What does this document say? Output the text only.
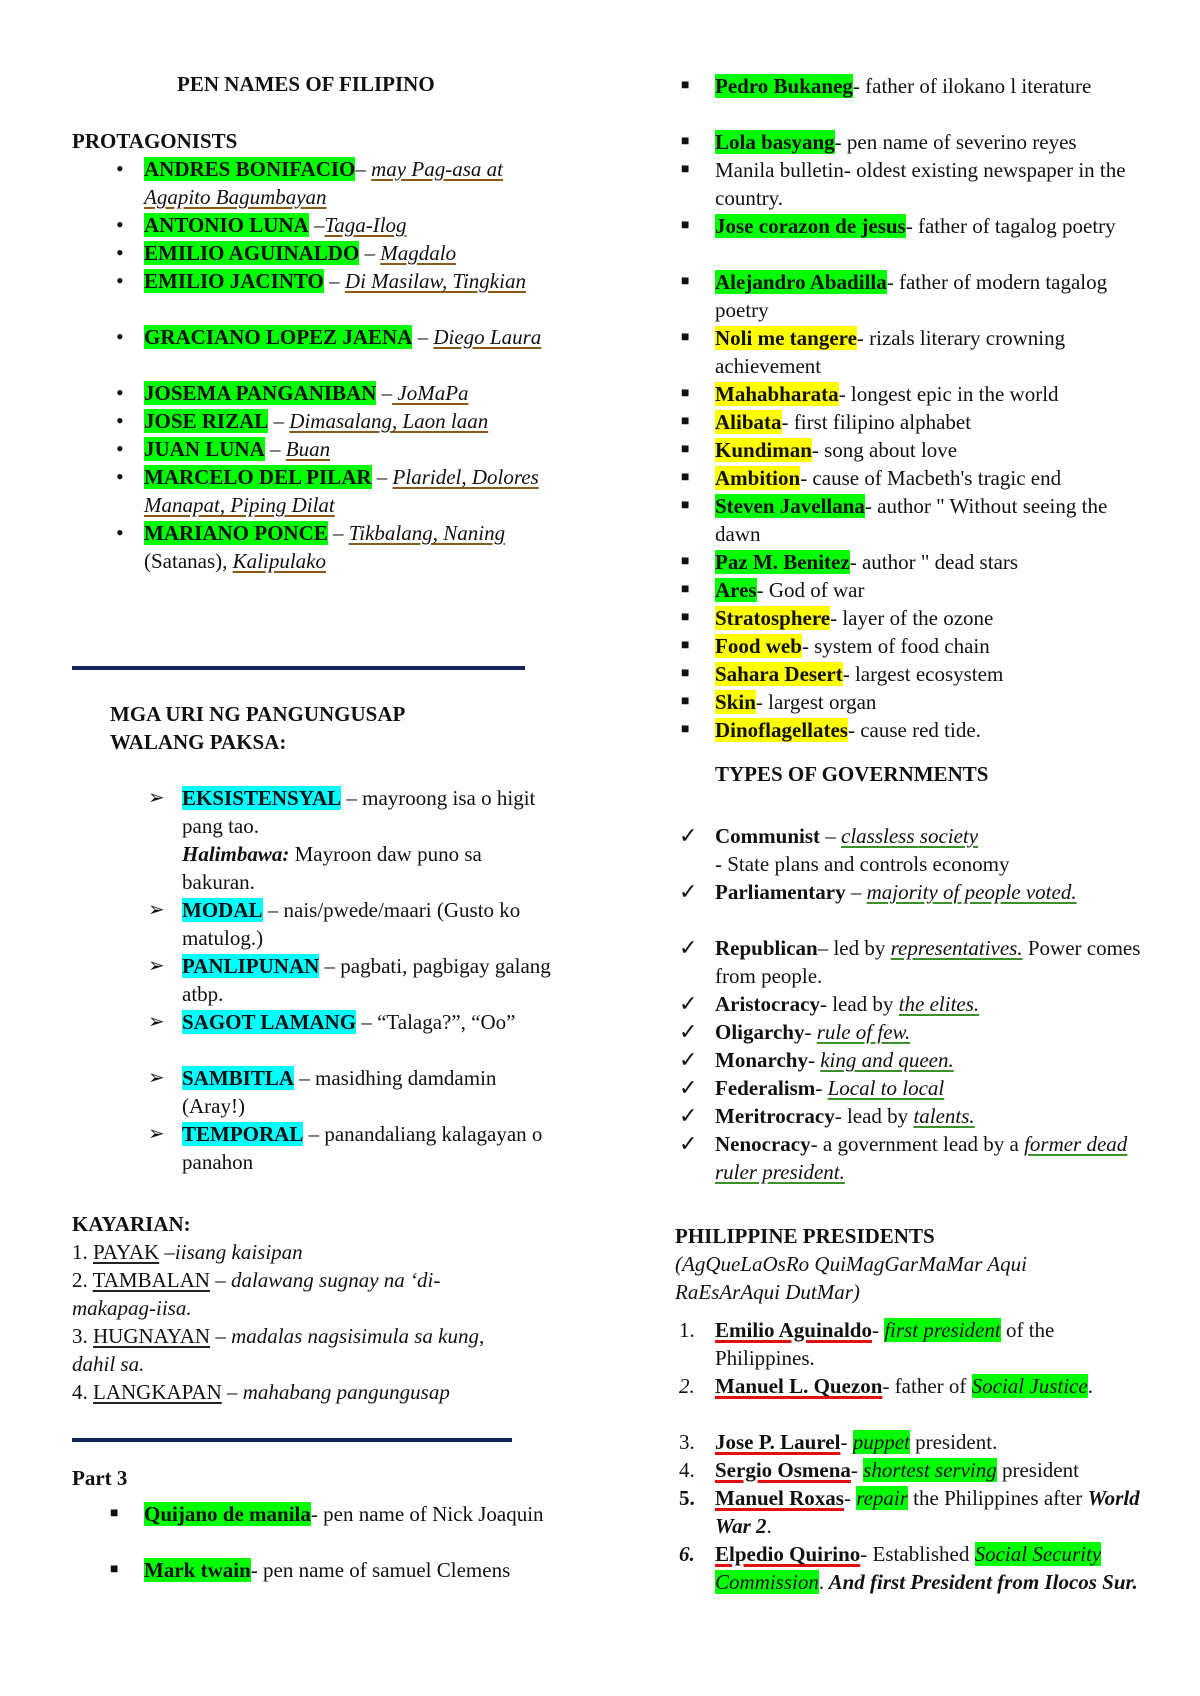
PEN NAMES OF FILIPINO
PROTAGONISTS
• ANDRES BONIFACIO– may Pag-asa at Agapito Bagumbayan
• ANTONIO LUNA –Taga-Ilog
• EMILIO AGUINALDO – Magdalo
• EMILIO JACINTO – Di Masilaw, Tingkian
• GRACIANO LOPEZ JAENA – Diego Laura
• JOSEMA PANGANIBAN – JoMaPa
• JOSE RIZAL – Dimasalang, Laon laan
• JUAN LUNA – Buan
• MARCELO DEL PILAR – Plaridel, Dolores Manapat, Piping Dilat
• MARIANO PONCE – Tikbalang, Naning (Satanas), Kalipulako
MGA URI NG PANGUNGUSAP
WALANG PAKSA:
➢ EKSISTENSYAL – mayroong isa o higit pang tao.
Halimbawa: Mayroon daw puno sa bakuran.
➢ MODAL – nais/pwede/maari (Gusto ko matulog.)
➢ PANLIPUNAN – pagbati, pagbigay galang atbp.
➢ SAGOT LAMANG – “Talaga?”, “Oo”
➢ SAMBITLA – masidhing damdamin (Aray!)
➢ TEMPORAL – panandaliang kalagayan o panahon
KAYARIAN:
1. PAYAK –iisang kaisipan
2. TAMBALAN – dalawang sugnay na ‘di-makapag-iisa.
3. HUGNAYAN – madalas nagsisimula sa kung, dahil sa.
4. LANGKAPAN – mahabang pangungusap
Part 3
■ Quijano de manila- pen name of Nick Joaquin
■ Mark twain- pen name of samuel Clemens
■ Pedro Bukaneg- father of ilokano l iterature
■ Lola basyang- pen name of severino reyes
■ Manila bulletin- oldest existing newspaper in the country.
■ Jose corazon de jesus- father of tagalog poetry
■ Alejandro Abadilla- father of modern tagalog poetry
■ Noli me tangere- rizals literary crowning achievement
■ Mahabharata- longest epic in the world
■ Alibata- first filipino alphabet
■ Kundiman- song about love
■ Ambition- cause of Macbeth's tragic end
■ Steven Javellana- author " Without seeing the dawn
■ Paz M. Benitez- author " dead stars
■ Ares- God of war
■ Stratosphere- layer of the ozone
■ Food web- system of food chain
■ Sahara Desert- largest ecosystem
■ Skin- largest organ
■ Dinoflagellates- cause red tide.
TYPES OF GOVERNMENTS
✓ Communist – classless society
- State plans and controls economy
✓ Parliamentary – majority of people voted.
✓ Republican– led by representatives. Power comes from people.
✓ Aristocracy- lead by the elites.
✓ Oligarchy- rule of few.
✓ Monarchy- king and queen.
✓ Federalism- Local to local
✓ Meritrocracy- lead by talents.
✓ Nenocracy- a government lead by a former dead ruler president.
PHILIPPINE PRESIDENTS
(AgQueLaOsRo QuiMagGarMaMar Aqui RaEsArAqui DutMar)
1. Emilio Aguinaldo- first president of the Philippines.
2. Manuel L. Quezon- father of Social Justice.
3. Jose P. Laurel- puppet president.
4. Sergio Osmena- shortest serving president
5. Manuel Roxas- repair the Philippines after World War 2.
6. Elpedio Quirino- Established Social Security Commission. And first President from Ilocos Sur.
